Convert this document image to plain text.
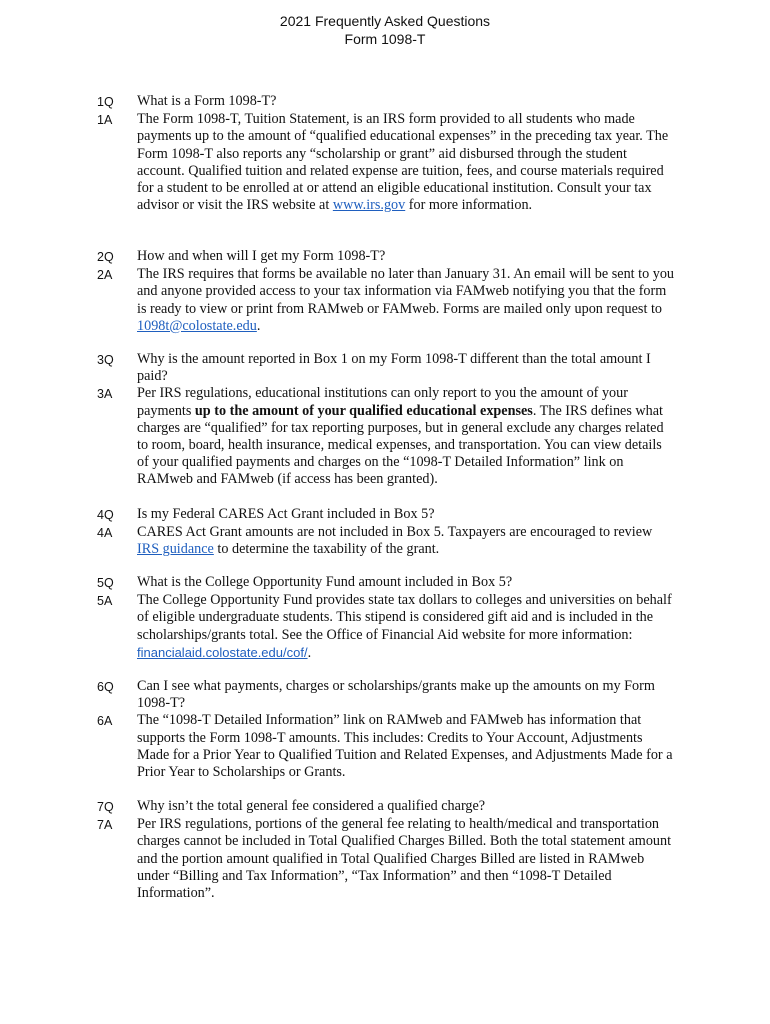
2021 Frequently Asked Questions
Form 1098-T
1Q	What is a Form 1098-T?
1A	The Form 1098-T, Tuition Statement, is an IRS form provided to all students who made payments up to the amount of “qualified educational expenses” in the preceding tax year. The Form 1098-T also reports any “scholarship or grant” aid disbursed through the student account. Qualified tuition and related expense are tuition, fees, and course materials required for a student to be enrolled at or attend an eligible educational institution. Consult your tax advisor or visit the IRS website at www.irs.gov for more information.
2Q	How and when will I get my Form 1098-T?
2A	The IRS requires that forms be available no later than January 31. An email will be sent to you and anyone provided access to your tax information via FAMweb notifying you that the form is ready to view or print from RAMweb or FAMweb. Forms are mailed only upon request to 1098t@colostate.edu.
3Q	Why is the amount reported in Box 1 on my Form 1098-T different than the total amount I paid?
3A	Per IRS regulations, educational institutions can only report to you the amount of your payments up to the amount of your qualified educational expenses. The IRS defines what charges are “qualified” for tax reporting purposes, but in general exclude any charges related to room, board, health insurance, medical expenses, and transportation. You can view details of your qualified payments and charges on the “1098-T Detailed Information” link on RAMweb and FAMweb (if access has been granted).
4Q	Is my Federal CARES Act Grant included in Box 5?
4A	CARES Act Grant amounts are not included in Box 5. Taxpayers are encouraged to review IRS guidance to determine the taxability of the grant.
5Q	What is the College Opportunity Fund amount included in Box 5?
5A	The College Opportunity Fund provides state tax dollars to colleges and universities on behalf of eligible undergraduate students. This stipend is considered gift aid and is included in the scholarships/grants total. See the Office of Financial Aid website for more information: financialaid.colostate.edu/cof/.
6Q	Can I see what payments, charges or scholarships/grants make up the amounts on my Form 1098-T?
6A	The “1098-T Detailed Information” link on RAMweb and FAMweb has information that supports the Form 1098-T amounts. This includes: Credits to Your Account, Adjustments Made for a Prior Year to Qualified Tuition and Related Expenses, and Adjustments Made for a Prior Year to Scholarships or Grants.
7Q	Why isn’t the total general fee considered a qualified charge?
7A	Per IRS regulations, portions of the general fee relating to health/medical and transportation charges cannot be included in Total Qualified Charges Billed. Both the total statement amount and the portion amount qualified in Total Qualified Charges Billed are listed in RAMweb under “Billing and Tax Information”, “Tax Information” and then “1098-T Detailed Information”.
